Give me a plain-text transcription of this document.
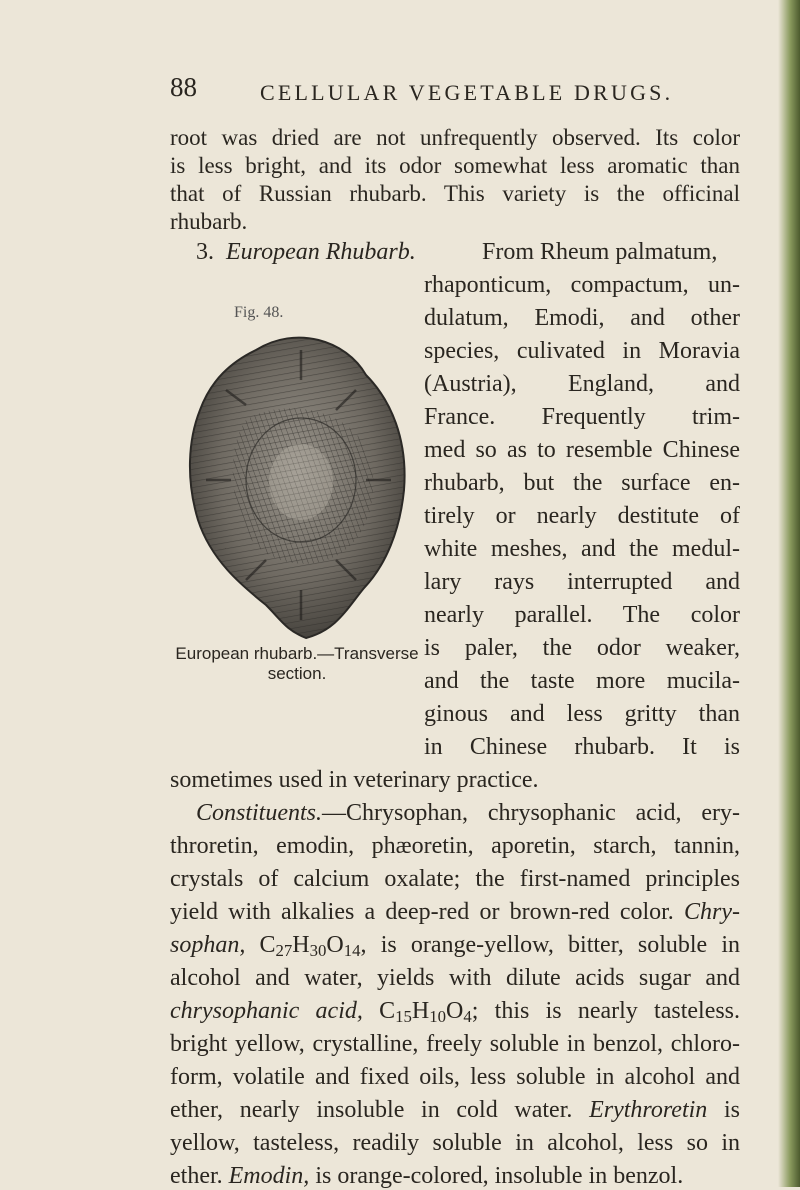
88	CELLULAR VEGETABLE DRUGS.
root was dried are not unfrequently observed. Its color
is less bright, and its odor somewhat less aromatic than
that of Russian rhubarb. This variety is the officinal
rhubarb.
3. European Rhubarb.	From Rheum palmatum,
rhaponticum, compactum, un-
dulatum, Emodi, and other
species, culivated in Moravia
(Austria), England, and
France. Frequently trim-
med so as to resemble Chinese
rhubarb, but the surface en-
tirely or nearly destitute of
white meshes, and the medul-
lary rays interrupted and
nearly parallel. The color
is paler, the odor weaker,
and the taste more mucila-
ginous and less gritty than
in Chinese rhubarb. It is
Fig. 48.
European rhubarb.—Transverse
section.
sometimes used in veterinary practice.
Constituents.—Chrysophan, chrysophanic acid, ery-
throretin, emodin, phæoretin, aporetin, starch, tannin,
crystals of calcium oxalate; the first-named principles
yield with alkalies a deep-red or brown-red color. Chry-
sophan, $C_{27}H_{30}O_{14}$, is orange-yellow, bitter, soluble in
alcohol and water, yields with dilute acids sugar and
chrysophanic acid, $C_{15}H_{10}O_4$; this is nearly tasteless.
bright yellow, crystalline, freely soluble in benzol, chloro-
form, volatile and fixed oils, less soluble in alcohol and
ether, nearly insoluble in cold water. Erythroretin is
yellow, tasteless, readily soluble in alcohol, less so in
ether. Emodin, is orange-colored, insoluble in benzol.
